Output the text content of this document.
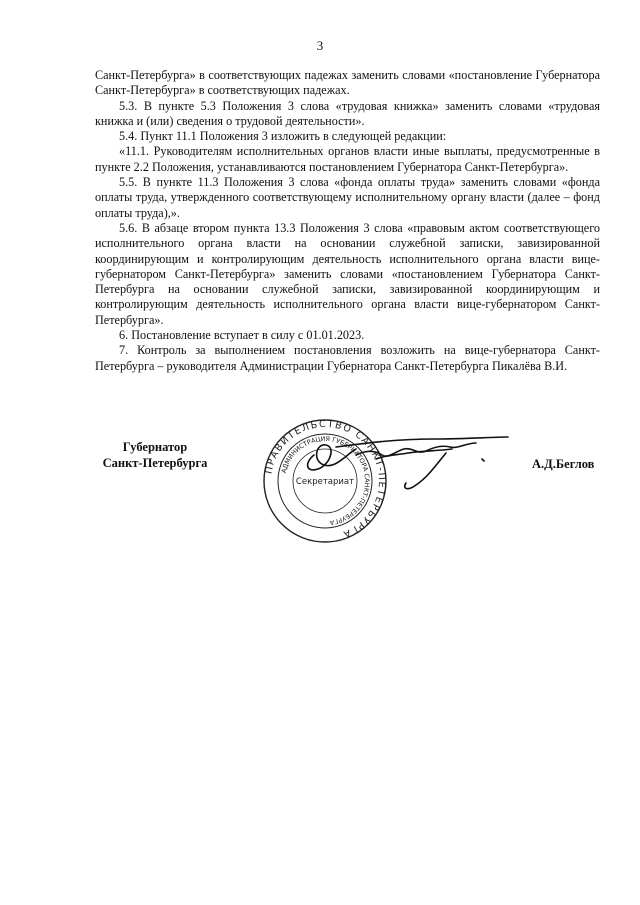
3

Санкт-Петербурга» в соответствующих падежах заменить словами «постановление Губернатора Санкт-Петербурга» в соответствующих падежах.

5.3. В пункте 5.3 Положения 3 слова «трудовая книжка» заменить словами «трудовая книжка и (или) сведения о трудовой деятельности».

5.4. Пункт 11.1 Положения 3 изложить в следующей редакции:

«11.1. Руководителям исполнительных органов власти иные выплаты, предусмотренные в пункте 2.2 Положения, устанавливаются постановлением Губернатора Санкт-Петербурга».

5.5. В пункте 11.3 Положения 3 слова «фонда оплаты труда» заменить словами «фонда оплаты труда, утвержденного соответствующему исполнительному органу власти (далее – фонд оплаты труда),».

5.6. В абзаце втором пункта 13.3 Положения 3 слова «правовым актом соответствующего исполнительного органа власти на основании служебной записки, завизированной координирующим и контролирующим деятельность исполнительного органа власти вице-губернатором Санкт-Петербурга» заменить словами «постановлением Губернатора Санкт-Петербурга на основании служебной записки, завизированной координирующим и контролирующим деятельность исполнительного органа власти вице-губернатором Санкт-Петербурга».

6. Постановление вступает в силу с 01.01.2023.

7. Контроль за выполнением постановления возложить на вице-губернатора Санкт-Петербурга – руководителя Администрации Губернатора Санкт-Петербурга Пикалёва В.И.

Губернатор
Санкт-Петербурга	ПРАВИТЕЛЬСТВО САНКТ-ПЕТЕРБУРГА
АДМИНИСТРАЦИЯ ГУБЕРНАТОРА САНКТ-ПЕТЕРБУРГА
Секретариат
А.Д.Беглов
